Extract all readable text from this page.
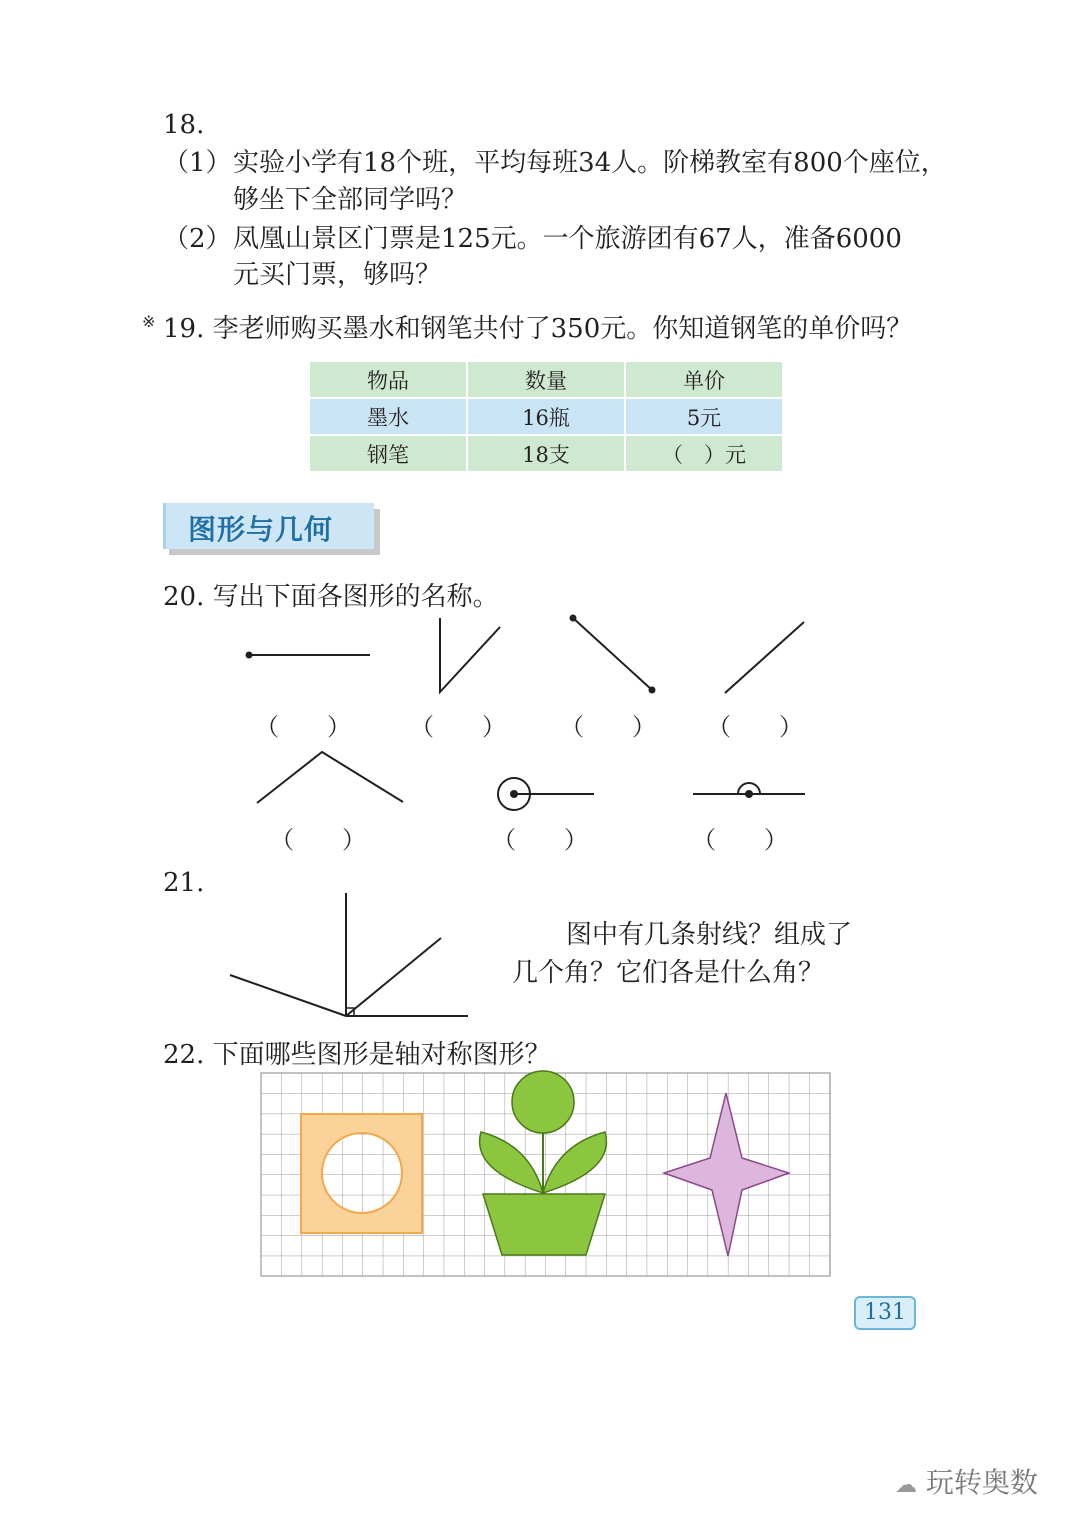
18.
（1） 实验小学有18个班，平均每班34人。阶梯教室有800个座位，
够坐下全部同学吗？
（2） 凤凰山景区门票是125元。一个旅游团有67人，准备6000
元买门票，够吗？
※ 19. 李老师购买墨水和钢笔共付了350元。你知道钢笔的单价吗？
物品	数量	单价
墨水	16瓶	5元
钢笔	18支	（　）元
图形与几何
20. 写出下面各图形的名称。
（　　） （　　） （　　） （　　）
（　　）	（　　）	（　　）
21.
图中有几条射线？组成了
几个角？它们各是什么角？
22. 下面哪些图形是轴对称图形？
131
☁ 玩转奥数
